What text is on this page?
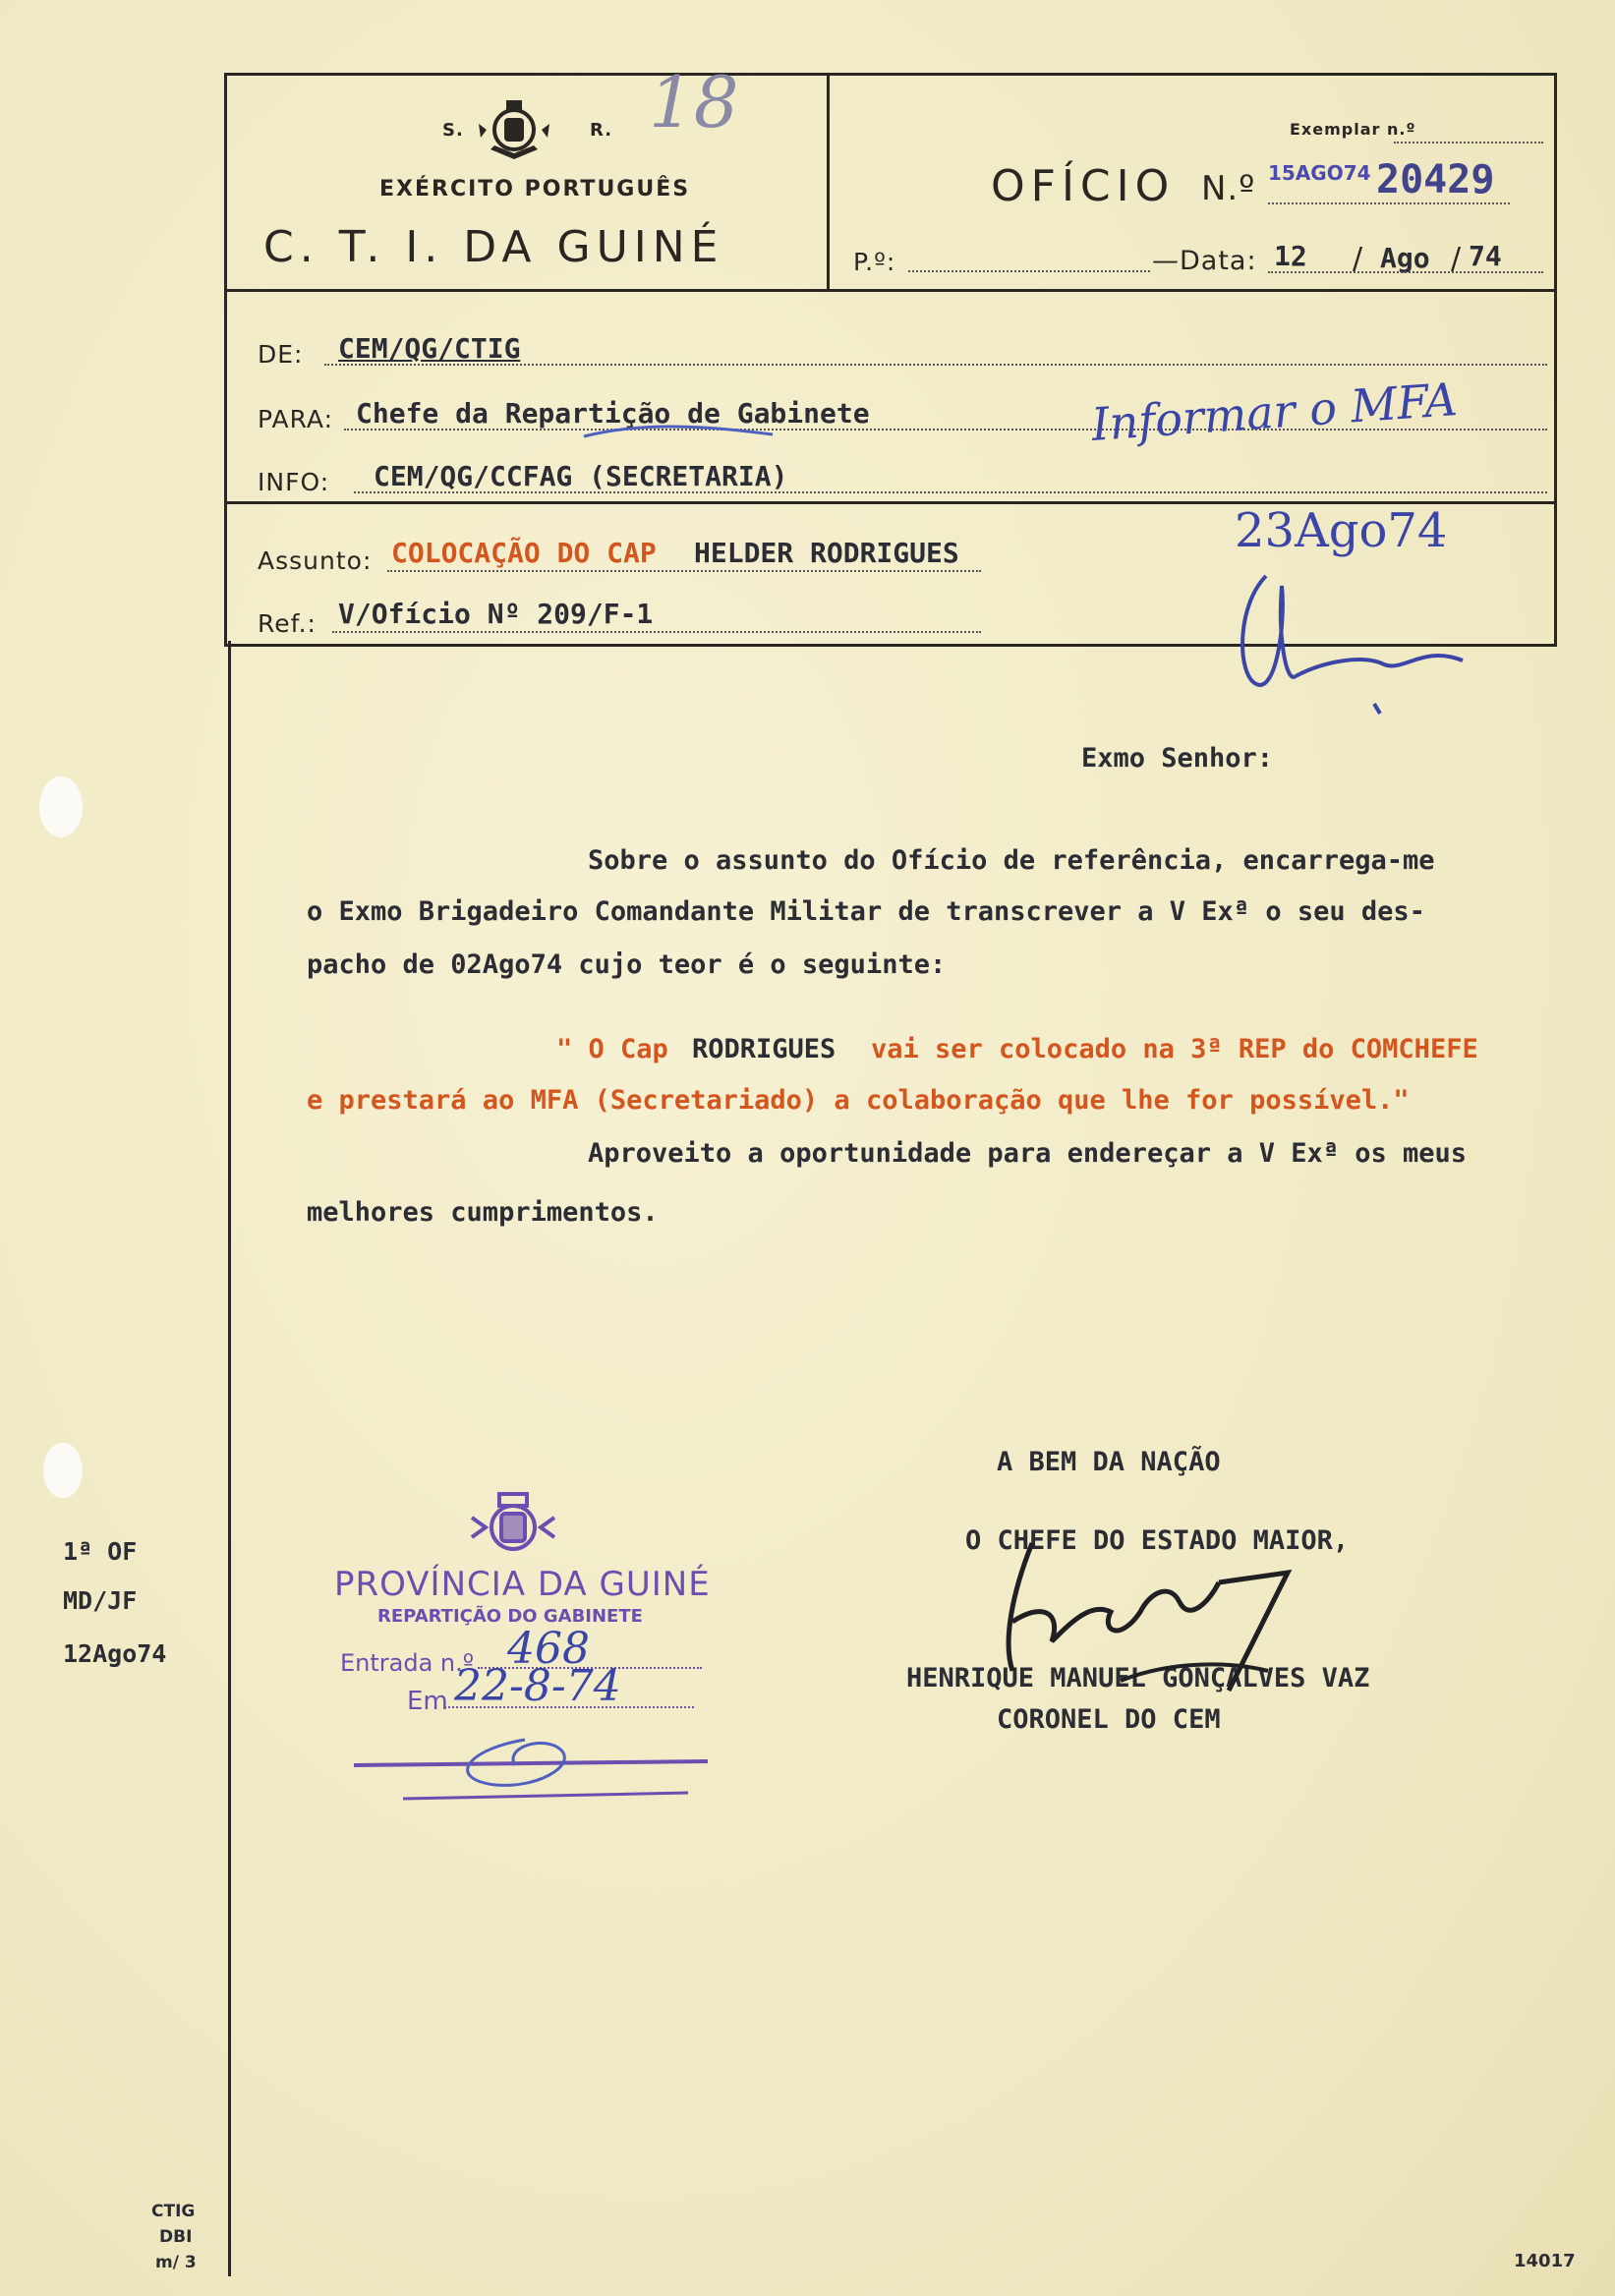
S.	R.
EXÉRCITO PORTUGUÊS
C. T. I. DA GUINÉ
18	Exemplar n.º
OFÍCIO N.º 15AGO74 20429
P.º:	—Data: 12 / Ago / 74
DE: CEM/QG/CTIG
PARA: Chefe da Repartição de Gabinete
INFO: CEM/QG/CCFAG (SECRETARIA)
Informar o MFA
Assunto: COLOCAÇÃO DO CAP HELDER RODRIGUES
Ref.: V/Ofício Nº 209/F-1
23Ago74
Exmo Senhor:
Sobre o assunto do Ofício de referência, encarrega-me
o Exmo Brigadeiro Comandante Militar de transcrever a V Exª o seu des-
pacho de 02Ago74 cujo teor é o seguinte:
" O Cap RODRIGUES vai ser colocado na 3ª REP do COMCHEFE
e prestará ao MFA (Secretariado) a colaboração que lhe for possível."
Aproveito a oportunidade para endereçar a V Exª os meus
melhores cumprimentos.
A BEM DA NAÇÃO
O CHEFE DO ESTADO MAIOR,
HENRIQUE MANUEL GONÇALVES VAZ
CORONEL DO CEM
1ª OF
MD/JF
12Ago74
PROVÍNCIA DA GUINÉ
REPARTIÇÃO DO GABINETE
Entrada n.º 468
Em 22-8-74
CTIG
DBI
m/ 3	14017
